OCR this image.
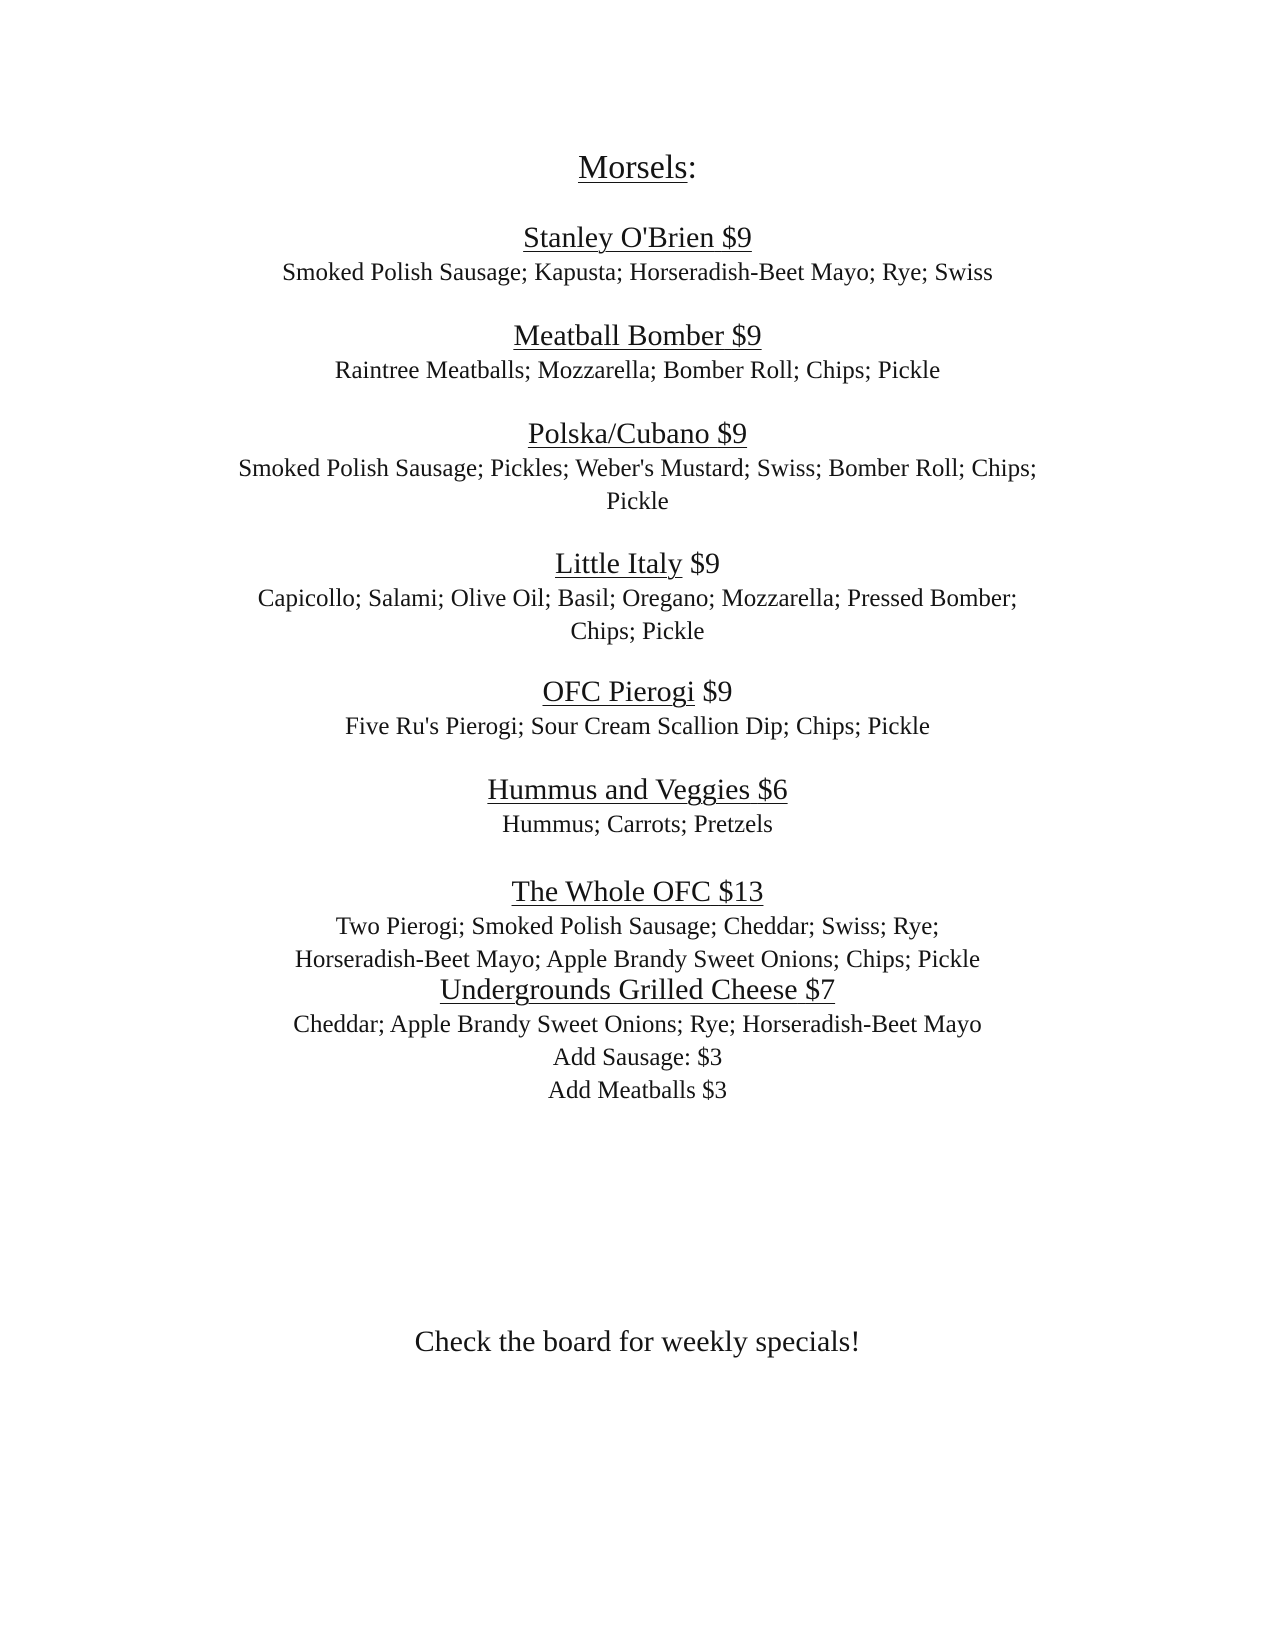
Morsels:
Stanley O'Brien $9
Smoked Polish Sausage; Kapusta; Horseradish-Beet Mayo; Rye; Swiss
Meatball Bomber $9
Raintree Meatballs; Mozzarella; Bomber Roll; Chips; Pickle
Polska/Cubano $9
Smoked Polish Sausage; Pickles; Weber's Mustard; Swiss; Bomber Roll; Chips;
Pickle
Little Italy $9
Capicollo; Salami; Olive Oil; Basil; Oregano; Mozzarella; Pressed Bomber;
Chips; Pickle
OFC Pierogi $9
Five Ru's Pierogi; Sour Cream Scallion Dip; Chips; Pickle
Hummus and Veggies $6
Hummus; Carrots; Pretzels
The Whole OFC $13
Two Pierogi; Smoked Polish Sausage; Cheddar; Swiss; Rye;
Horseradish-Beet Mayo; Apple Brandy Sweet Onions; Chips; Pickle
Undergrounds Grilled Cheese $7
Cheddar; Apple Brandy Sweet Onions; Rye; Horseradish-Beet Mayo
Add Sausage: $3
Add Meatballs $3
Check the board for weekly specials!
